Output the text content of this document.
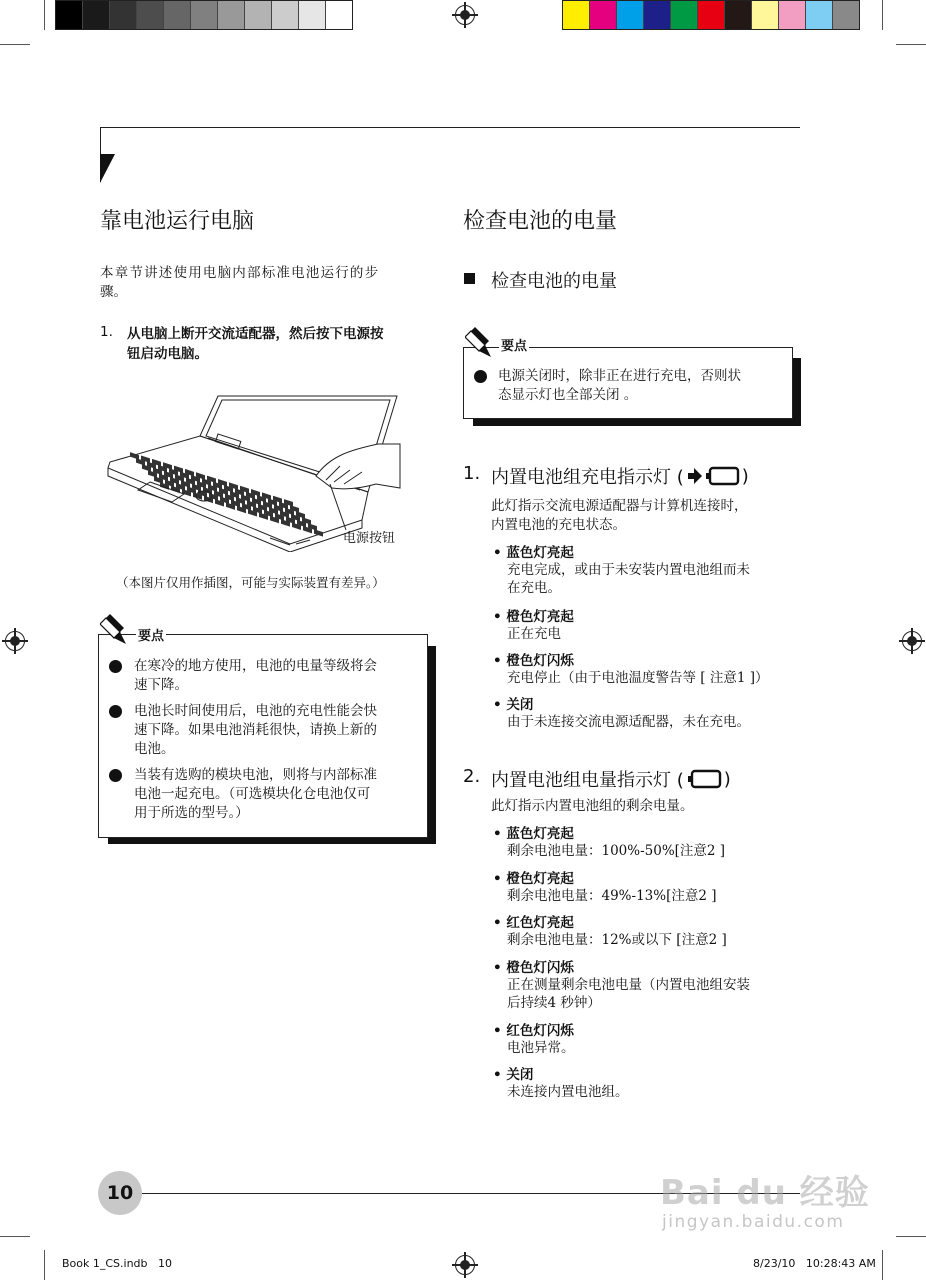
靠电池运行电脑
本章节讲述使用电脑内部标准电池运行的步
骤。
1. 从电脑上断开交流适配器，然后按下电源按
钮启动电脑。
电源按钮
（本图片仅用作插图，可能与实际装置有差异。）
要点
在寒冷的地方使用，电池的电量等级将会
速下降。
电池长时间使用后，电池的充电性能会快
速下降。如果电池消耗很快，请换上新的
电池。
当装有选购的模块电池，则将与内部标准
电池一起充电。（可选模块化仓电池仅可
用于所选的型号。）
检查电池的电量
检查电池的电量
要点
电源关闭时，除非正在进行充电，否则状
态显示灯也全部关闭 。
1. 内置电池组充电指示灯 (	)
此灯指示交流电源适配器与计算机连接时，
内置电池的充电状态。
• 蓝色灯亮起
充电完成，或由于未安装内置电池组而未
在充电。
• 橙色灯亮起
正在充电
• 橙色灯闪烁
充电停止（由于电池温度警告等 [ 注意1 ]）
• 关闭
由于未连接交流电源适配器，未在充电。
2. 内置电池组电量指示灯 ( )
此灯指示内置电池组的剩余电量。
• 蓝色灯亮起
剩余电池电量：100%-50%[注意2 ]
• 橙色灯亮起
剩余电池电量：49%-13%[注意2 ]
• 红色灯亮起
剩余电池电量：12%或以下 [注意2 ]
• 橙色灯闪烁
正在测量剩余电池电量（内置电池组安装
后持续4 秒钟）
• 红色灯闪烁
电池异常。
• 关闭
未连接内置电池组。
10	Bai du 经验
jingyan.baidu.com
Book 1_CS.indb   10	8/23/10   10:28:43 AM
